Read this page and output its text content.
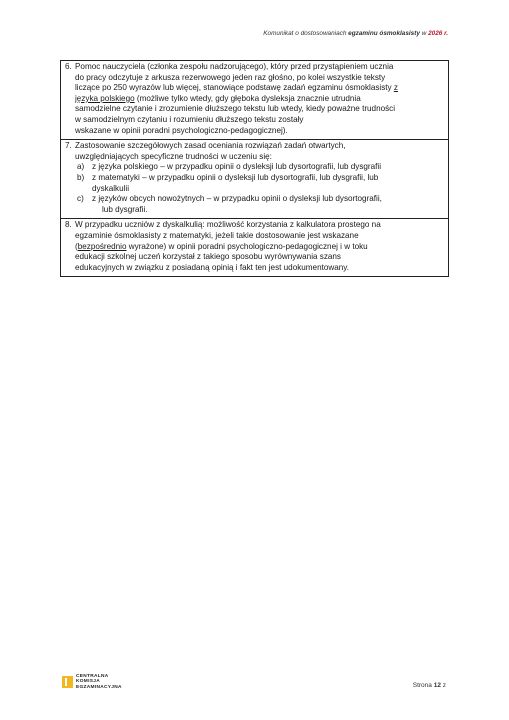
Komunikat o dostosowaniach egzaminu ósmoklasisty w 2026 r.
6. Pomoc nauczyciela (członka zespołu nadzorującego), który przed przystąpieniem ucznia
do pracy odczytuje z arkusza rezerwowego jeden raz głośno, po kolei wszystkie teksty
liczące po 250 wyrazów lub więcej, stanowiące podstawę zadań egzaminu ósmoklasisty z
języka polskiego (możliwe tylko wtedy, gdy głęboka dysleksja znacznie utrudnia
samodzielne czytanie i zrozumienie dłuższego tekstu lub wtedy, kiedy poważne trudności
w samodzielnym czytaniu i rozumieniu dłuższego tekstu zostały
wskazane w opinii poradni psychologiczno-pedagogicznej).
7. Zastosowanie szczegółowych zasad oceniania rozwiązań zadań otwartych,
uwzględniających specyficzne trudności w uczeniu się:
a) z języka polskiego – w przypadku opinii o dysleksji lub dysortografii, lub dysgrafii
b) z matematyki – w przypadku opinii o dysleksji lub dysortografii, lub dysgrafii, lub
dyskalkulii
c)	z języków obcych nowożytnych – w przypadku opinii o dysleksji lub dysortografii,
lub dysgrafii.
8. W przypadku uczniów z dyskalkulią: możliwość korzystania z kalkulatora prostego na
egzaminie ósmoklasisty z matematyki, jeżeli takie dostosowanie jest wskazane
(bezpośrednio wyrażone) w opinii poradni psychologiczno-pedagogicznej i w toku
edukacji szkolnej uczeń korzystał z takiego sposobu wyrównywania szans
edukacyjnych w związku z posiadaną opinią i fakt ten jest udokumentowany.
CENTRALNA
KOMISJA
EGZAMINACYJNA	Strona 12 z
